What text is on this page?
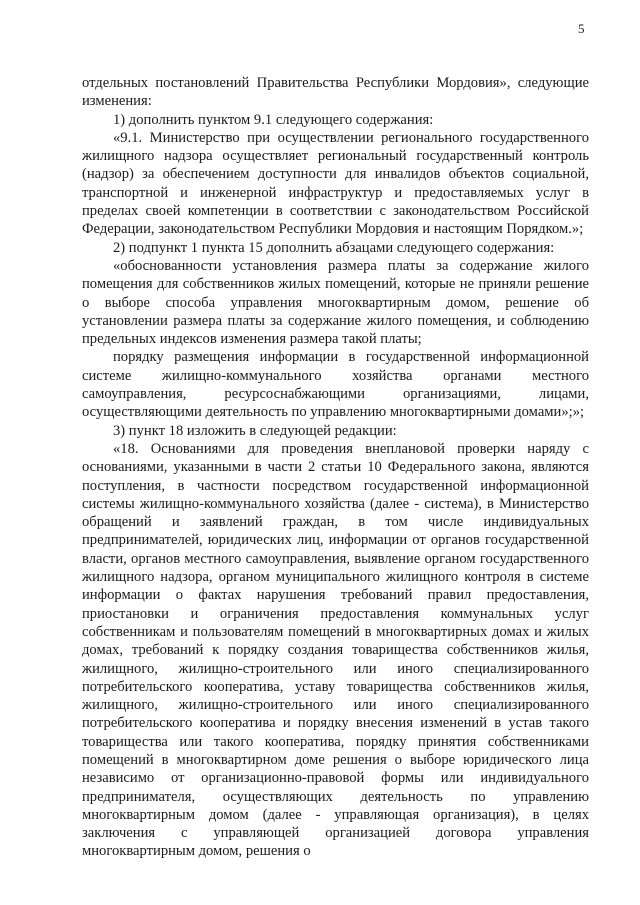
5

отдельных постановлений Правительства Республики Мордовия», следующие изменения:

1) дополнить пунктом 9.1 следующего содержания:

«9.1. Министерство при осуществлении регионального государственного жилищного надзора осуществляет региональный государственный контроль (надзор) за обеспечением доступности для инвалидов объектов социальной, транспортной и инженерной инфраструктур и предоставляемых услуг в пределах своей компетенции в соответствии с законодательством Российской Федерации, законодательством Республики Мордовия и настоящим Порядком.»;

2) подпункт 1 пункта 15 дополнить абзацами следующего содержания:

«обоснованности установления размера платы за содержание жилого помещения для собственников жилых помещений, которые не приняли решение о выборе способа управления многоквартирным домом, решение об установлении размера платы за содержание жилого помещения, и соблюдению предельных индексов изменения размера такой платы;

порядку размещения информации в государственной информационной системе жилищно-коммунального хозяйства органами местного самоуправления, ресурсоснабжающими организациями, лицами, осуществляющими деятельность по управлению многоквартирными домами»;»;

3) пункт 18 изложить в следующей редакции:

«18. Основаниями для проведения внеплановой проверки наряду с основаниями, указанными в части 2 статьи 10 Федерального закона, являются поступления, в частности посредством государственной информационной системы жилищно-коммунального хозяйства (далее - система), в Министерство обращений и заявлений граждан, в том числе индивидуальных предпринимателей, юридических лиц, информации от органов государственной власти, органов местного самоуправления, выявление органом государственного жилищного надзора, органом муниципального жилищного контроля в системе информации о фактах нарушения требований правил предоставления, приостановки и ограничения предоставления коммунальных услуг собственникам и пользователям помещений в многоквартирных домах и жилых домах, требований к порядку создания товарищества собственников жилья, жилищного, жилищно-строительного или иного специализированного потребительского кооператива, уставу товарищества собственников жилья, жилищного, жилищно-строительного или иного специализированного потребительского кооператива и порядку внесения изменений в устав такого товарищества или такого кооператива, порядку принятия собственниками помещений в многоквартирном доме решения о выборе юридического лица независимо от организационно-правовой формы или индивидуального предпринимателя, осуществляющих деятельность по управлению многоквартирным домом (далее - управляющая организация), в целях заключения с управляющей организацией договора управления многоквартирным домом, решения о
